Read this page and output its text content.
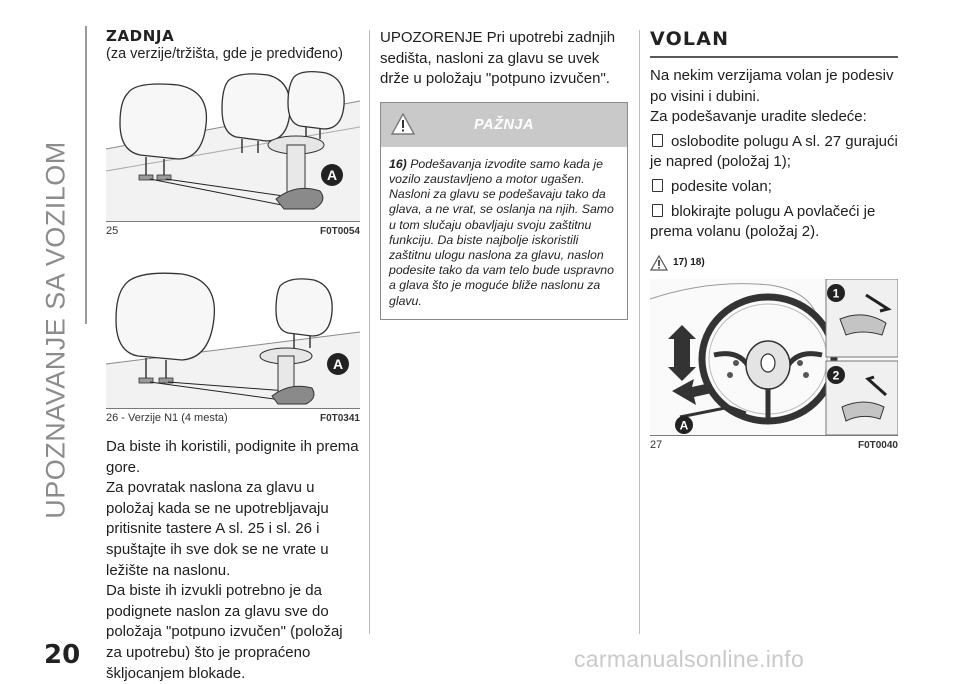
UPOZNAVANJE SA VOZILOM
20	carmanualsonline.info
ZADNJA

(za verzije/tržišta, gde je predviđeno)

A
25	F0T0054
A
26 - Verzije N1 (4 mesta)	F0T0341

Da biste ih koristili, podignite ih prema gore.

Za povratak naslona za glavu u položaj kada se ne upotrebljavaju pritisnite tastere A sl. 25 i sl. 26 i spuštajte ih sve dok se ne vrate u ležište na naslonu.

Da biste ih izvukli potrebno je da podignete naslon za glavu sve do položaja "potpuno izvučen" (položaj za upotrebu) što je propraćeno škljocanjem blokade.

UPOZORENJE Pri upotrebi zadnjih sedišta, nasloni za glavu se uvek drže u položaju "potpuno izvučen".

PAŽNJA
16) Podešavanja izvodite samo kada je vozilo zaustavljeno a motor ugašen. Nasloni za glavu se podešavaju tako da glava, a ne vrat, se oslanja na njih. Samo u tom slučaju obavljaju svoju zaštitnu funkciju. Da biste najbolje iskoristili zaštitnu ulogu naslona za glavu, naslon podesite tako da vam telo bude uspravno a glava što je moguće bliže naslonu za glavu.
VOLAN

Na nekim verzijama volan je podesiv po visini i dubini.

Za podešavanje uradite sledeće:

oslobodite polugu A sl. 27 gurajući je napred (položaj 1);

podesite volan;

blokirajte polugu A povlačeći je prema volanu (položaj 2).

17) 18)
A
1
2
27	F0T0040
